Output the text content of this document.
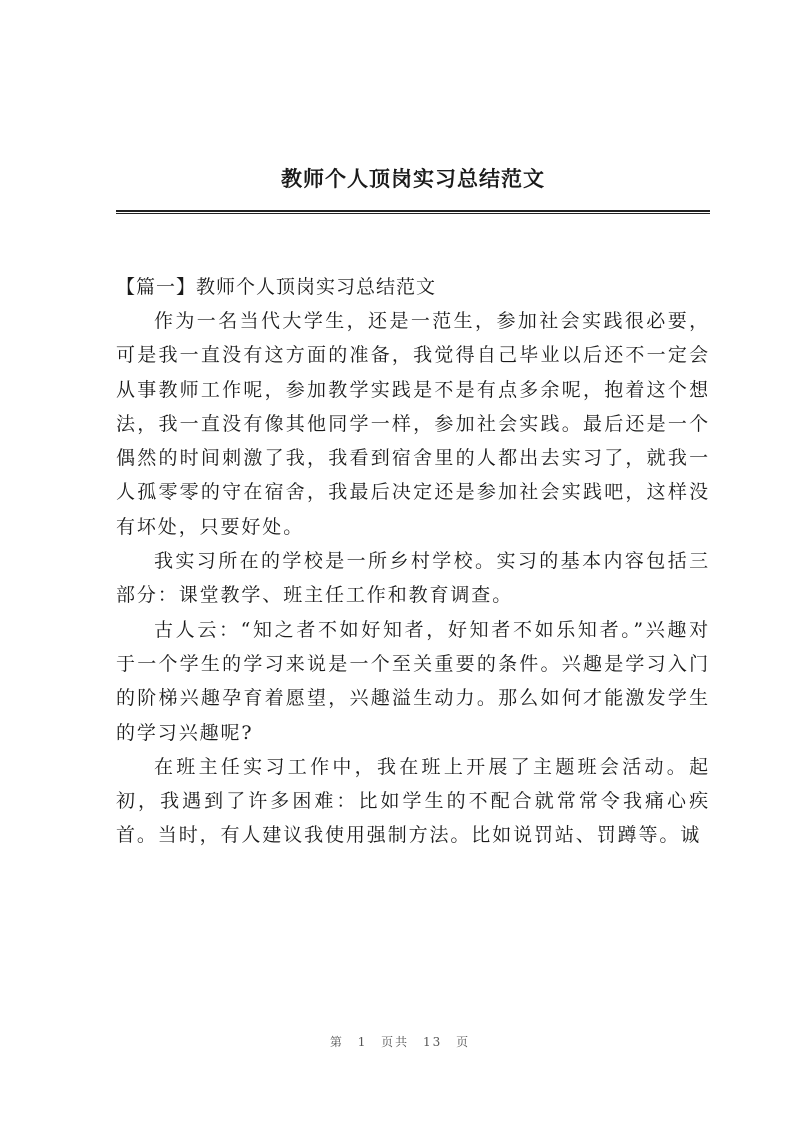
教师个人顶岗实习总结范文
【篇一】教师个人顶岗实习总结范文

作为一名当代大学生，还是一范生，参加社会实践很必要，可是我一直没有这方面的准备，我觉得自己毕业以后还不一定会从事教师工作呢，参加教学实践是不是有点多余呢，抱着这个想法，我一直没有像其他同学一样，参加社会实践。最后还是一个偶然的时间刺激了我，我看到宿舍里的人都出去实习了，就我一人孤零零的守在宿舍，我最后决定还是参加社会实践吧，这样没有坏处，只要好处。

我实习所在的学校是一所乡村学校。实习的基本内容包括三部分：课堂教学、班主任工作和教育调查。

古人云：“知之者不如好知者，好知者不如乐知者。”兴趣对于一个学生的学习来说是一个至关重要的条件。兴趣是学习入门的阶梯兴趣孕育着愿望，兴趣溢生动力。那么如何才能激发学生的学习兴趣呢?

在班主任实习工作中，我在班上开展了主题班会活动。起初，我遇到了许多困难：比如学生的不配合就常常令我痛心疾首。当时，有人建议我使用强制方法。比如说罚站、罚蹲等。诚

第 1 页共 13 页
